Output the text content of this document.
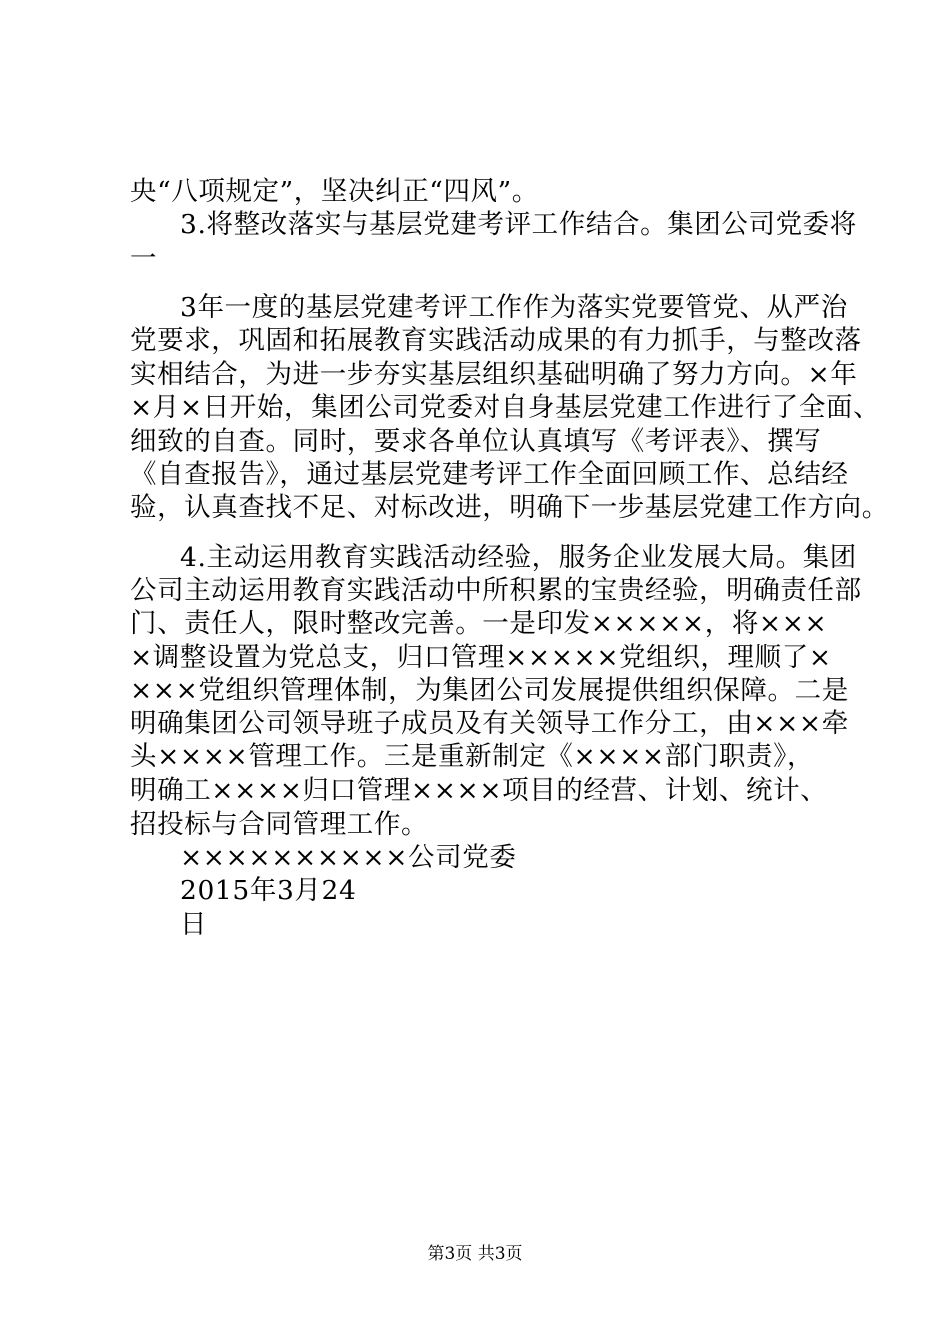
央“八项规定”，坚决纠正“四风”。
3.将整改落实与基层党建考评工作结合。集团公司党委将
一
3年一度的基层党建考评工作作为落实党要管党、从严治
党要求，巩固和拓展教育实践活动成果的有力抓手，与整改落
实相结合，为进一步夯实基层组织基础明确了努力方向。×年
×月×日开始，集团公司党委对自身基层党建工作进行了全面、
细致的自查。同时，要求各单位认真填写《考评表》、撰写
《自查报告》，通过基层党建考评工作全面回顾工作、总结经
验，认真查找不足、对标改进，明确下一步基层党建工作方向。
4.主动运用教育实践活动经验，服务企业发展大局。集团
公司主动运用教育实践活动中所积累的宝贵经验，明确责任部
门、责任人，限时整改完善。一是印发×××××，将×××
×调整设置为党总支，归口管理×××××党组织，理顺了×
×××党组织管理体制，为集团公司发展提供组织保障。二是
明确集团公司领导班子成员及有关领导工作分工，由×××牵
头××××管理工作。三是重新制定《××××部门职责》，
明确工××××归口管理××××项目的经营、计划、统计、
招投标与合同管理工作。
××××××××××公司党委
2015年3月24
日
第3页 共3页
